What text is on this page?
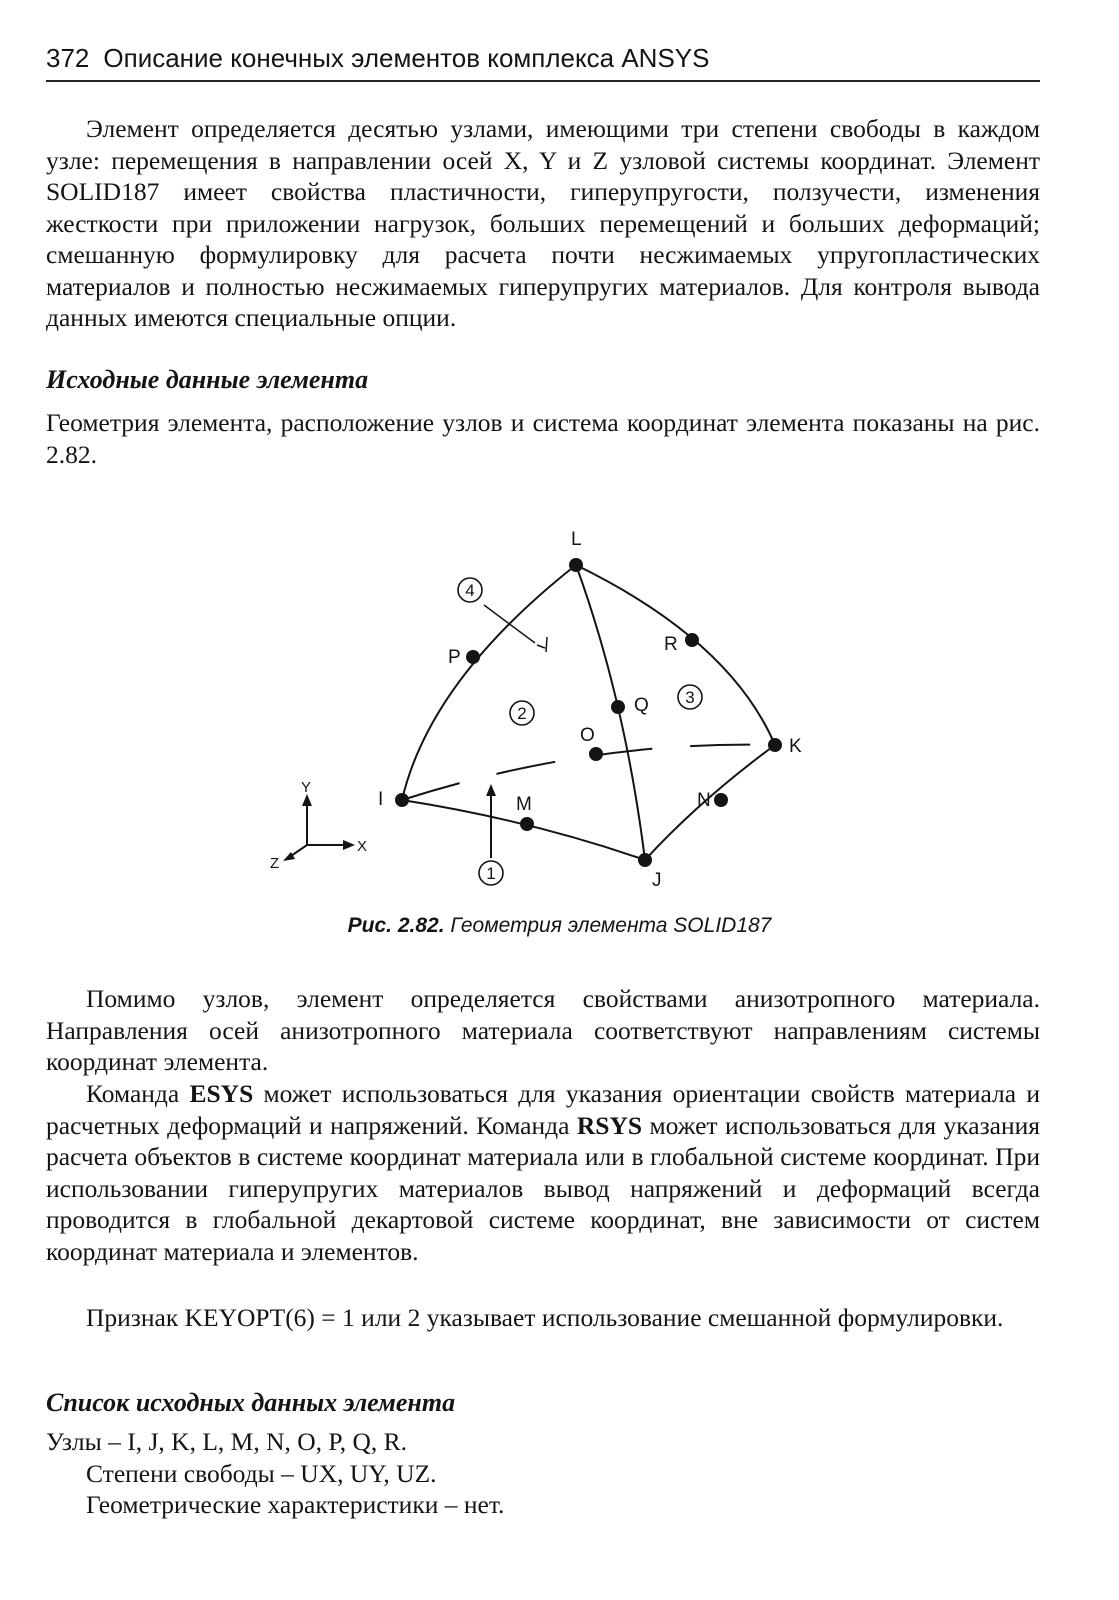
372 Описание конечных элементов комплекса ANSYS

Элемент определяется десятью узлами, имеющими три степени свободы в каждом узле: перемещения в направлении осей X, Y и Z узловой системы координат. Элемент SOLID187 имеет свойства пластичности, гиперупругости, ползучести, изменения жесткости при приложении нагрузок, больших перемещений и больших деформаций; смешанную формулировку для расчета почти несжимаемых упругопластических материалов и полностью несжимаемых гиперупругих материалов. Для контроля вывода данных имеются специальные опции.

Исходные данные элемента

Геометрия элемента, расположение узлов и система координат элемента показаны на рис. 2.82.

L
P
R
Q
O
K
I	M	N
J
1
2
3
4
Y
X
Z
Рис. 2.82. Геометрия элемента SOLID187

Помимо узлов, элемент определяется свойствами анизотропного материала. Направления осей анизотропного материала соответствуют направлениям системы координат элемента.

Команда ESYS может использоваться для указания ориентации свойств материала и расчетных деформаций и напряжений. Команда RSYS может использоваться для указания расчета объектов в системе координат материала или в глобальной системе координат. При использовании гиперупругих материалов вывод напряжений и деформаций всегда проводится в глобальной декартовой системе координат, вне зависимости от систем координат материала и элементов.

Признак KEYOPT(6) = 1 или 2 указывает использование смешанной формулировки.

Список исходных данных элемента

Узлы – I, J, K, L, M, N, O, P, Q, R.

Степени свободы – UX, UY, UZ.

Геометрические характеристики – нет.
